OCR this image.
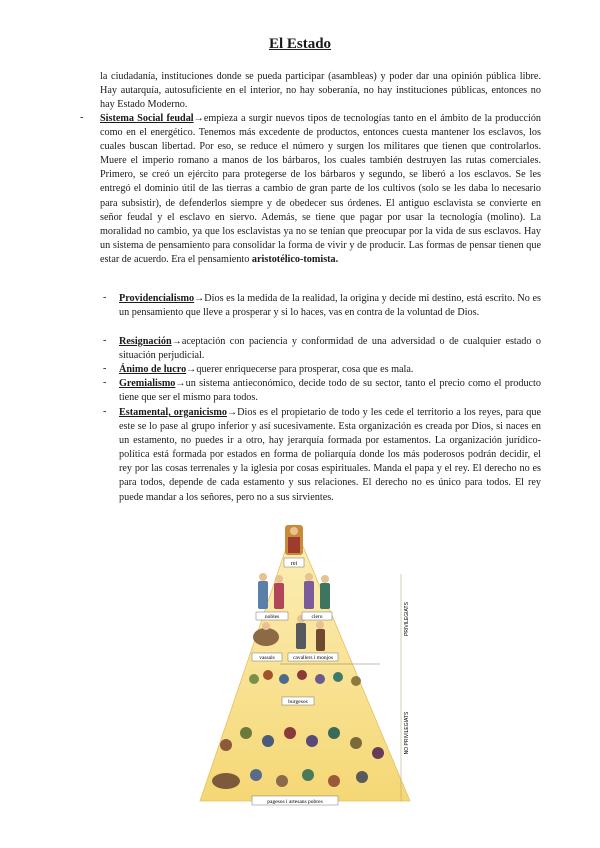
El Estado

la ciudadanía, instituciones donde se pueda participar (asambleas) y poder dar una opinión pública libre. Hay autarquía, autosuficiente en el interior, no hay soberanía, no hay instituciones públicas, entonces no hay Estado Moderno.

- Sistema Social feudal→empieza a surgir nuevos tipos de tecnologías tanto en el ámbito de la producción como en el energético. Tenemos más excedente de productos, entonces cuesta mantener los esclavos, los cuales buscan libertad. Por eso, se reduce el número y surgen los militares que tienen que controlarlos. Muere el imperio romano a manos de los bárbaros, los cuales también destruyen las rutas comerciales. Primero, se creó un ejército para protegerse de los bárbaros y segundo, se liberó a los esclavos. Se les entregó el dominio útil de las tierras a cambio de gran parte de los cultivos (solo se les daba lo necesario para subsistir), de defenderlos siempre y de obedecer sus órdenes. El antiguo esclavista se convierte en señor feudal y el esclavo en siervo. Además, se tiene que pagar por usar la tecnología (molino). La moralidad no cambio, ya que los esclavistas ya no se tenían que preocupar por la vida de sus esclavos. Hay un sistema de pensamiento para consolidar la forma de vivir y de producir. Las formas de pensar tienen que estar de acuerdo. Era el pensamiento aristotélico-tomista.

- Providencialismo→Dios es la medida de la realidad, la origina y decide mi destino, está escrito. No es un pensamiento que lleve a prosperar y si lo haces, vas en contra de la voluntad de Dios.

- Resignación→aceptación con paciencia y conformidad de una adversidad o de cualquier estado o situación perjudicial.

- Ánimo de lucro→querer enriquecerse para prosperar, cosa que es mala.

- Gremialismo→un sistema antieconómico, decide todo de su sector, tanto el precio como el producto tiene que ser el mismo para todos.

- Estamental, organicismo→Dios es el propietario de todo y les cede el territorio a los reyes, para que este se lo pase al grupo inferior y así sucesivamente. Esta organización es creada por Dios, si naces en un estamento, no puedes ir a otro, hay jerarquía formada por estamentos. La organización jurídico-política está formada por estados en forma de poliarquía donde los más poderosos podrán decidir, el rey por las cosas terrenales y la iglesia por cosas espirituales. Manda el papa y el rey. El derecho no es para todos, depende de cada estamento y sus relaciones. El derecho no es único para todos. El rey puede mandar a los señores, pero no a sus sirvientes.

rei
nobles	clero
vassals	cavallers i monjos
burgesos
pagesos i artesans pobres
PRIVILEGIATS
NO PRIVILEGIATS
